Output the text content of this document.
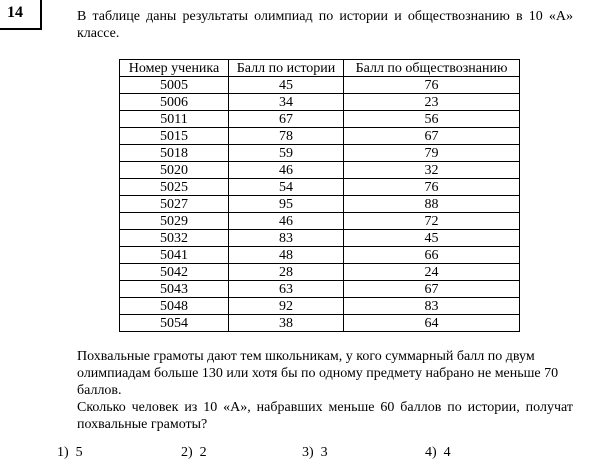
14	В таблице даны результаты олимпиад по истории и обществознанию в 10 «А» классе.

Номер ученика	Балл по истории	Балл по обществознанию
5005	45	76
5006	34	23
5011	67	56
5015	78	67
5018	59	79
5020	46	32
5025	54	76
5027	95	88
5029	46	72
5032	83	45
5041	48	66
5042	28	24
5043	63	67
5048	92	83
5054	38	64

Похвальные грамоты дают тем школьникам, у кого суммарный балл по двум олимпиадам больше 130 или хотя бы по одному предмету набрано не меньше 70 баллов.

Сколько человек из 10 «А», набравших меньше 60 баллов по истории, получат похвальные грамоты?

1) 5	2) 2	3) 3	4) 4
